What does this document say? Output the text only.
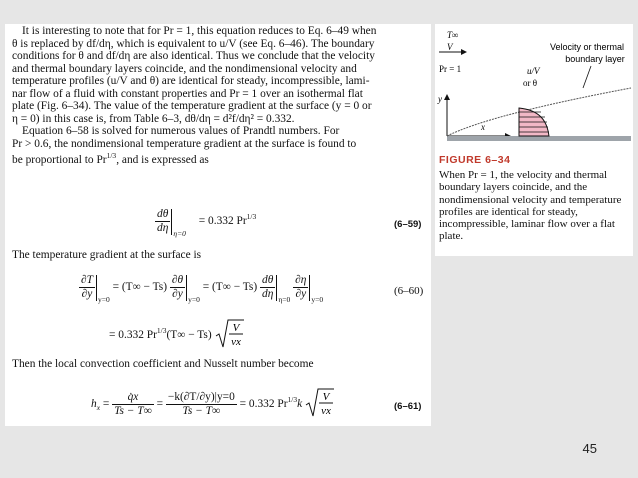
It is interesting to note that for Pr = 1, this equation reduces to Eq. 6–49 when

θ is replaced by df/dη, which is equivalent to u/V (see Eq. 6–46). The boundary

conditions for θ and df/dη are also identical. Thus we conclude that the velocity

and thermal boundary layers coincide, and the nondimensional velocity and

temperature profiles (u/V and θ) are identical for steady, incompressible, lami-

nar flow of a fluid with constant properties and Pr = 1 over an isothermal flat

plate (Fig. 6–34). The value of the temperature gradient at the surface (y = 0 or

η = 0) in this case is, from Table 6–3, dθ/dη = d²f/dη² = 0.332.

Equation 6–58 is solved for numerous values of Prandtl numbers. For

Pr > 0.6, the nondimensional temperature gradient at the surface is found to

be proportional to $Pr^{1/3}$, and is expressed as

$\frac{d\theta}{d\eta} _{\eta=0} = 0.332$ $Pr^{1/3}$
(6–59)

The temperature gradient at the surface is

$\frac{\partial T}{\partial y} _{y=0} = (T\infty - Ts) \frac{\partial\theta}{\partial y} _{y=0} = (T\infty - Ts) \frac{d\theta}{d\eta} _{\eta=0} \frac{\partial\eta}{\partial y} _{y=0}$
(6–60)
= 0.332 $Pr^{1/3}(T\infty - Ts)$
V
νx

Then the local convection coefficient and Nusselt number become

$h_x = \frac{q̇x}{Ts - T\infty} = \frac{-k(\partial T/\partial y)|y=0}{Ts - T\infty} = 0.332$ $Pr^{1/3}k$
V
νx	(6–61)
T∞
V
Pr = 1
Velocity or thermal
boundary layer
u/V
or θ
y
x
FIGURE 6–34
When Pr = 1, the velocity and thermal boundary layers coincide, and the nondimensional velocity and temperature profiles are identical for steady, incompressible, laminar flow over a flat plate.
45
